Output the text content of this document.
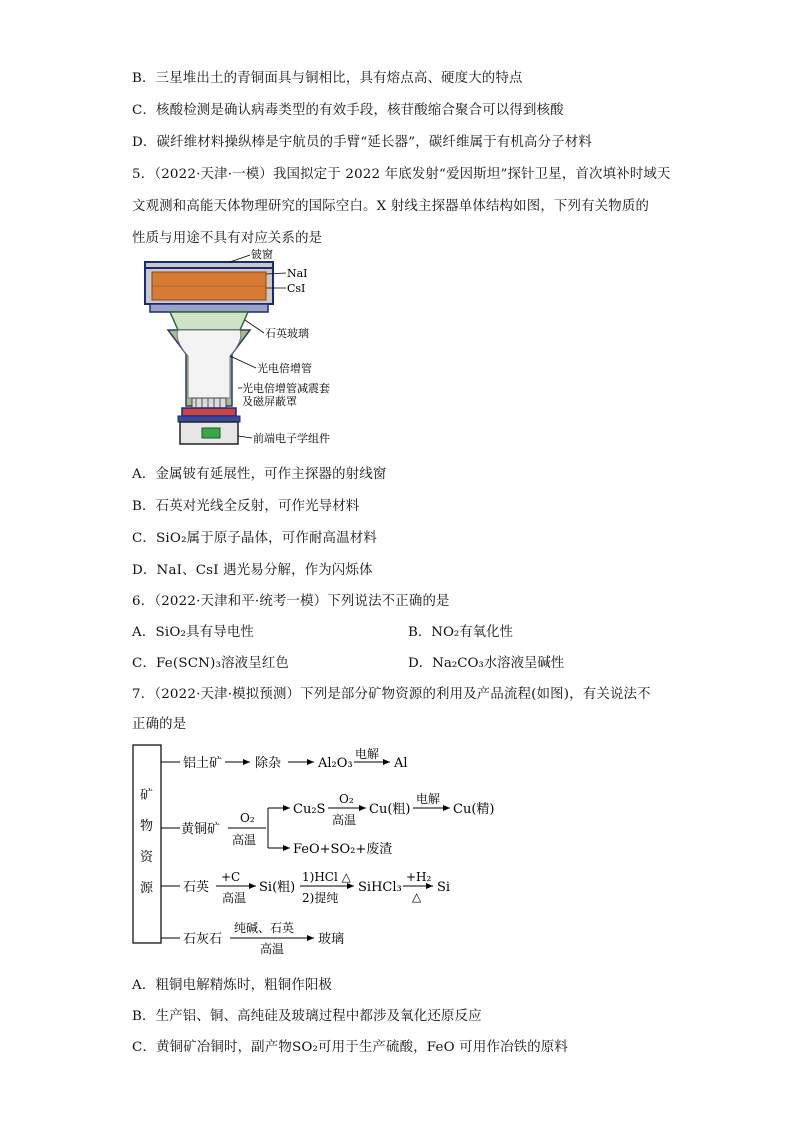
B．三星堆出土的青铜面具与铜相比，具有熔点高、硬度大的特点
C．核酸检测是确认病毒类型的有效手段，核苷酸缩合聚合可以得到核酸
D．碳纤维材料操纵棒是宇航员的手臂“延长器”，碳纤维属于有机高分子材料
5．（2022·天津·一模）我国拟定于 2022 年底发射“爱因斯坦”探针卫星，首次填补时域天
文观测和高能天体物理研究的国际空白。X 射线主探器单体结构如图，下列有关物质的
性质与用途不具有对应关系的是
铍窗
NaI
CsI
石英玻璃
光电倍增管
光电倍增管减震套
及磁屏蔽罩
前端电子学组件
A．金属铍有延展性，可作主探器的射线窗
B．石英对光线全反射，可作光导材料
C．SiO₂属于原子晶体，可作耐高温材料
D．NaI、CsI 遇光易分解，作为闪烁体
6．（2022·天津和平·统考一模）下列说法不正确的是
A．SiO₂具有导电性	B．NO₂有氧化性
C．Fe(SCN)₃溶液呈红色	D．Na₂CO₃水溶液呈碱性
7．（2022·天津·模拟预测）下列是部分矿物资源的利用及产品流程(如图)，有关说法不
正确的是
矿
物
资
源
铝土矿	除杂	Al₂O₃
电解
Al
黄铜矿
O₂
高温
Cu₂S
O₂
高温
Cu(粗)
电解
Cu(精)
FeO+SO₂+废渣
石英
+C
高温
Si(粗)
1)HCl △
2)提纯
SiHCl₃
+H₂
△
Si
石灰石
纯碱、石英
高温
玻璃
A．粗铜电解精炼时，粗铜作阳极
B．生产铝、铜、高纯硅及玻璃过程中都涉及氧化还原反应
C．黄铜矿冶铜时，副产物SO₂可用于生产硫酸，FeO 可用作冶铁的原料
